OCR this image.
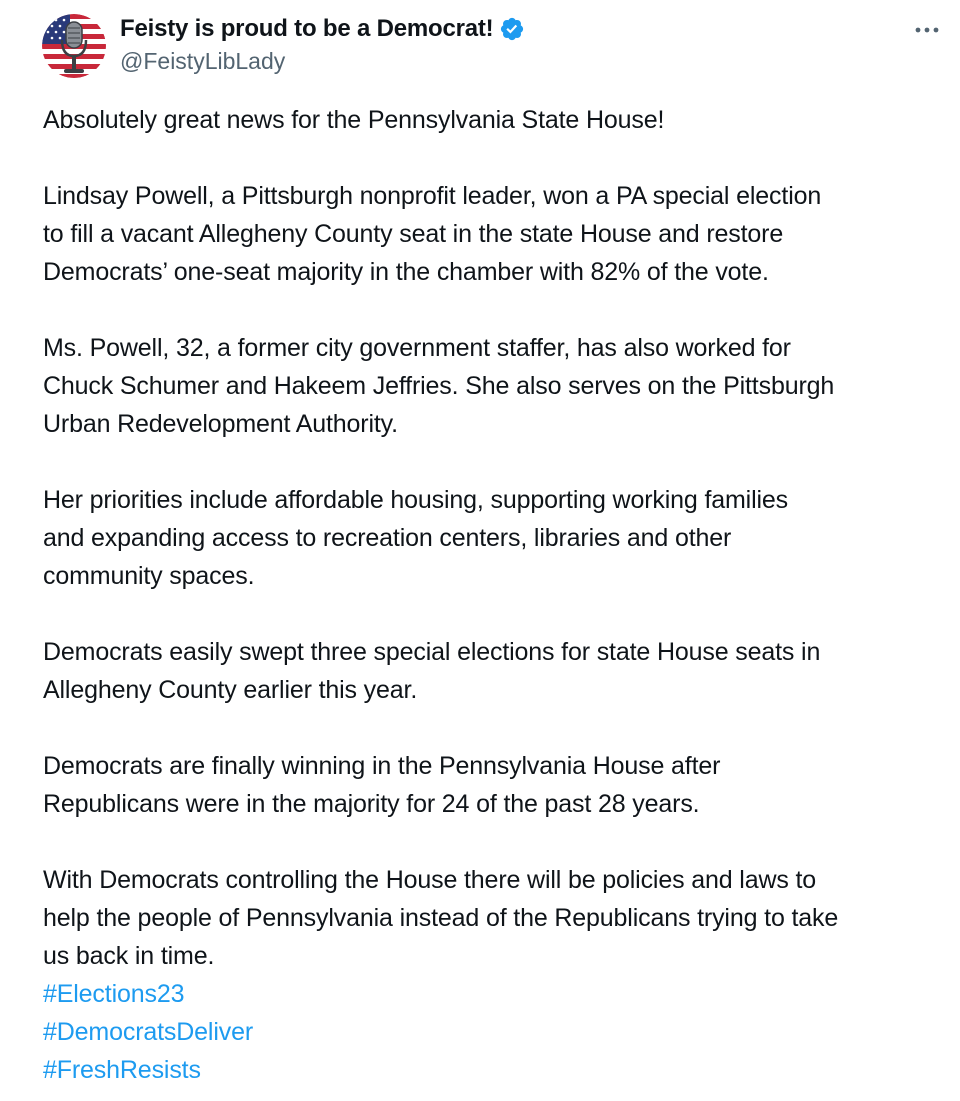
Feisty is proud to be a Democrat!
@FeistyLibLady

Absolutely great news for the Pennsylvania State House!

Lindsay Powell, a Pittsburgh nonprofit leader, won a PA special election
to fill a vacant Allegheny County seat in the state House and restore
Democrats’ one-seat majority in the chamber with 82% of the vote.

Ms. Powell, 32, a former city government staffer, has also worked for
Chuck Schumer and Hakeem Jeffries. She also serves on the Pittsburgh
Urban Redevelopment Authority.

Her priorities include affordable housing, supporting working families
and expanding access to recreation centers, libraries and other
community spaces.

Democrats easily swept three special elections for state House seats in
Allegheny County earlier this year.

Democrats are finally winning in the Pennsylvania House after
Republicans were in the majority for 24 of the past 28 years.

With Democrats controlling the House there will be policies and laws to
help the people of Pennsylvania instead of the Republicans trying to take
us back in time.
#Elections23
#DemocratsDeliver
#FreshResists
